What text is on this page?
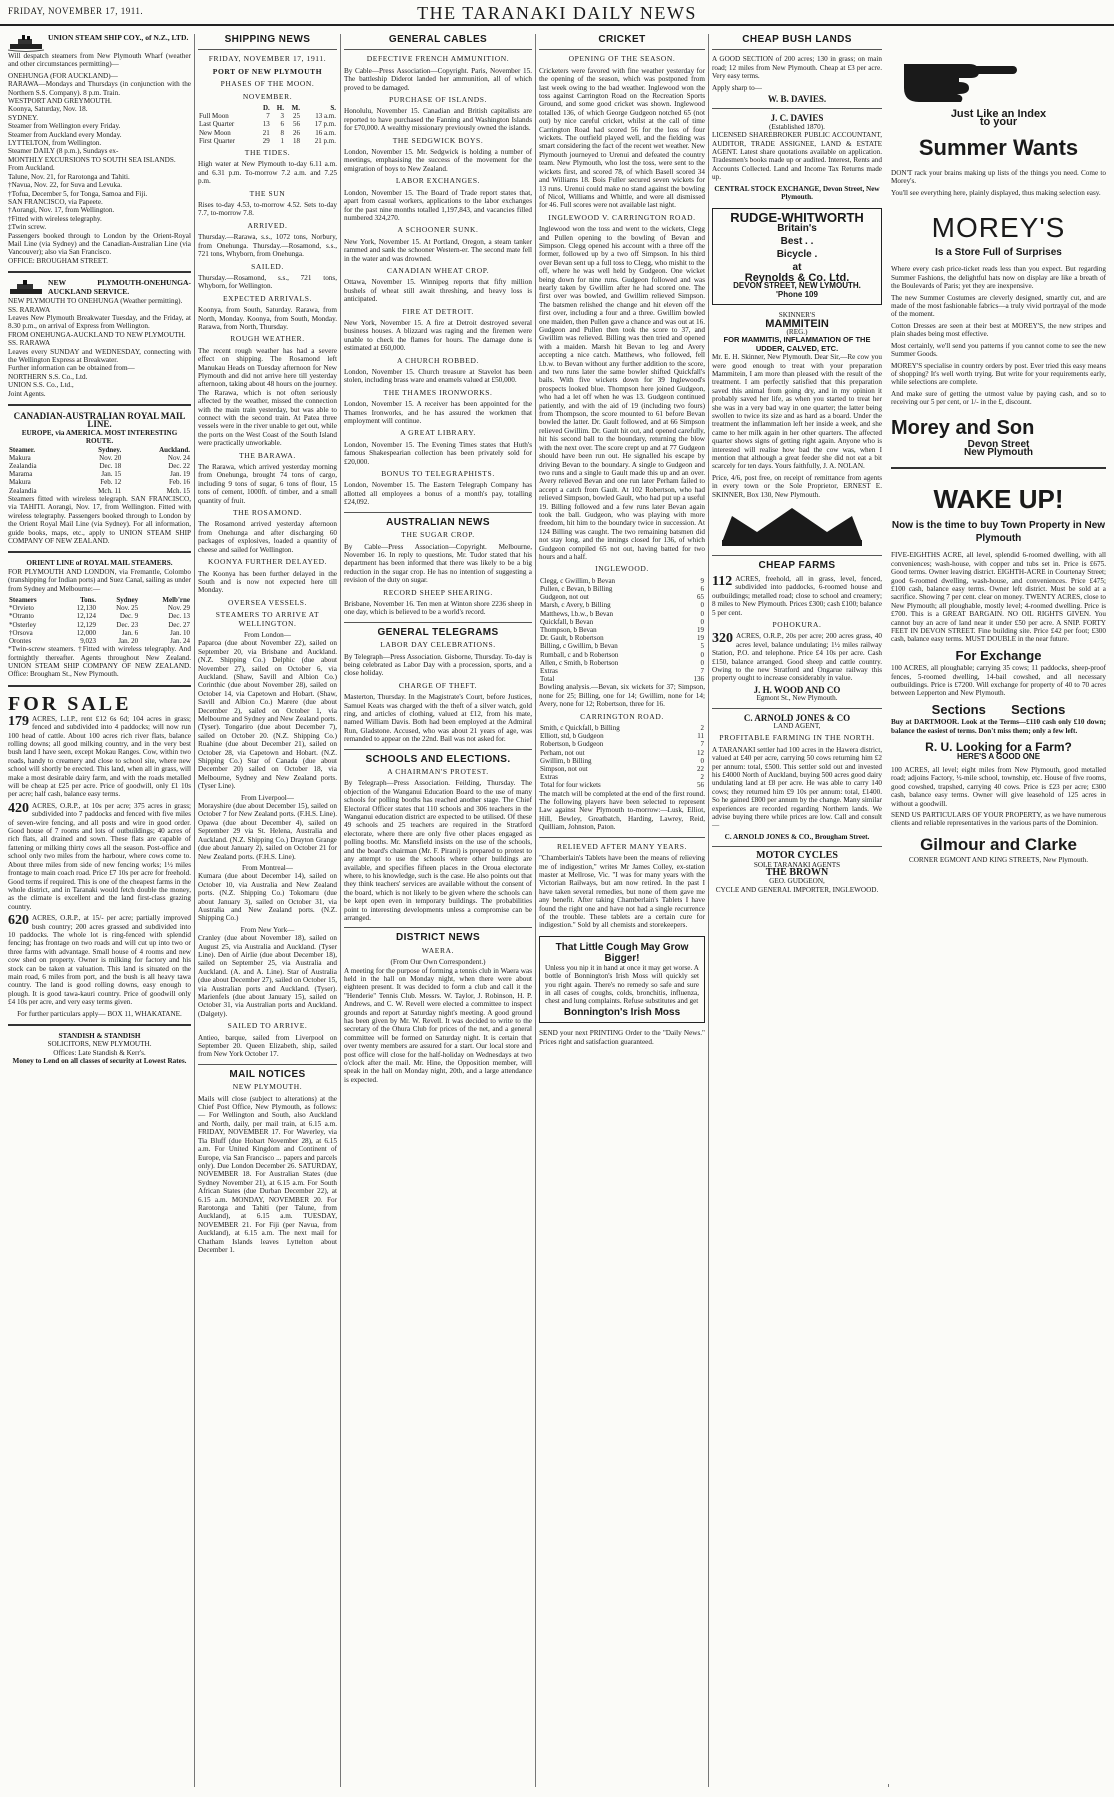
FRIDAY, NOVEMBER 17, 1911.	THE TARANAKI DAILY NEWS
UNION STEAM SHIP COY., of N.Z., LTD.

Will despatch steamers from New Plymouth Wharf (weather and other circumstances permitting)—

ONEHUNGA (FOR AUCKLAND)—
RARAWA—Mondays and Thursdays (in conjunction with the Northern S.S. Company). 8 p.m. Train.
WESTPORT AND GREYMOUTH.
Koonya, Saturday, Nov. 18.
SYDNEY.
Steamer from Wellington every Friday.
Steamer from Auckland every Monday.
LYTTELTON, from Wellington.
Steamer DAILY (8 p.m.), Sundays ex-
MONTHLY EXCURSIONS TO SOUTH SEA ISLANDS.
From Auckland.
Talune, Nov. 21, for Rarotonga and Tahiti.
†Navua, Nov. 22, for Suva and Levuka.
†Tofua, December 5, for Tonga, Samoa and Fiji.
SAN FRANCISCO, via Papeete.
†Aorangi, Nov. 17, from Wellington.
†Fitted with wireless telegraphy.
‡Twin screw.
Passengers booked through to London by the Orient-Royal Mail Line (via Sydney) and the Canadian-Australian Line (via Vancouver); also via San Francisco.
OFFICE: BROUGHAM STREET.
NEW PLYMOUTH-ONEHUNGA-AUCKLAND SERVICE.
NEW PLYMOUTH TO ONEHUNGA (Weather permitting).
SS. RARAWA
Leaves New Plymouth Breakwater Tuesday, and the Friday, at 8.30 p.m., on arrival of Express from Wellington.
FROM ONEHUNGA-AUCKLAND TO NEW PLYMOUTH.
SS. RARAWA
Leaves every SUNDAY and WEDNESDAY, connecting with the Wellington Express at Breakwater.
Further information can be obtained from—
NORTHERN S.S. Co., Ltd.
UNION S.S. Co., Ltd.,
Joint Agents.
CANADIAN-AUSTRALIAN ROYAL MAIL LINE.
EUROPE, via AMERICA. MOST INTERESTING ROUTE.
Steamer.	Sydney.	Auckland.
Makura	Nov. 20	Nov. 24
Zealandia	Dec. 18	Dec. 22
Marama	Jan. 15	Jan. 19
Makura	Feb. 12	Feb. 16
Zealandia	Mch. 11	Mch. 15

Steamers fitted with wireless telegraph. SAN FRANCISCO, via TAHITI. Aorangi, Nov. 17, from Wellington. Fitted with wireless telegraphy. Passengers booked through to London by the Orient Royal Mail Line (via Sydney). For all information, guide books, maps, etc., apply to UNION STEAM SHIP COMPANY OF NEW ZEALAND.

ORIENT LINE of ROYAL MAIL STEAMERS.

FOR PLYMOUTH AND LONDON, via Fremantle, Colombo (transhipping for Indian ports) and Suez Canal, sailing as under from Sydney and Melbourne:—

Steamers	Tons.	Sydney	Melb'rne
*Orvieto	12,130	Nov. 25	Nov. 29
*Otranto	12,124	Dec. 9	Dec. 13
*Osterley	12,129	Dec. 23	Dec. 27
†Orsova	12,000	Jan. 6	Jan. 10
Orontes	9,023	Jan. 20	Jan. 24

*Twin-screw steamers. †Fitted with wireless telegraphy. And fortnightly thereafter. Agents throughout New Zealand. UNION STEAM SHIP COMPANY OF NEW ZEALAND. Office: Brougham St., New Plymouth.

FOR SALE

179 ACRES, L.I.P., rent £12 6s 6d; 104 acres in grass; fenced and subdivided into 4 paddocks; will now run 100 head of cattle. About 100 acres rich river flats, balance rolling downs; all good milking country, and in the very best bush land I have seen, except Mokau Ranges. Cow, within two roads, handy to creamery and close to school site, where new school will shortly be erected. This land, when all in grass, will make a most desirable dairy farm, and with the roads metalled will be cheap at £25 per acre. Price of goodwill, only £1 10s per acre; half cash, balance easy terms.

420 ACRES, O.R.P., at 10s per acre; 375 acres in grass; subdivided into 7 paddocks and fenced with five miles of seven-wire fencing, and all posts and wire in good order. Good house of 7 rooms and lots of outbuildings; 40 acres of rich flats, all drained and sown. These flats are capable of fattening or milking thirty cows all the season. Post-office and school only two miles from the harbour, where cows come to. About three miles from side of new fencing works; 1½ miles frontage to main coach road. Price £7 10s per acre for freehold. Good terms if required. This is one of the cheapest farms in the whole district, and in Taranaki would fetch double the money, as the climate is excellent and the land first-class grazing country.

620 ACRES, O.R.P., at 15/- per acre; partially improved bush country; 200 acres grassed and subdivided into 10 paddocks. The whole lot is ring-fenced with splendid fencing; has frontage on two roads and will cut up into two or three farms with advantage. Small house of 4 rooms and new cow shed on property. Owner is milking for factory and his stock can be taken at valuation. This land is situated on the main road, 6 miles from port, and the bush is all heavy tawa country. The land is good rolling downs, easy enough to plough. It is good tawa-kauri country. Price of goodwill only £4 10s per acre, and very easy terms given.

For further particulars apply— BOX 11, WHAKATANE.

STANDISH & STANDISH
SOLICITORS, NEW PLYMOUTH.
Offices: Late Standish & Kerr's.
Money to Lend on all classes of security at Lowest Rates.
SHIPPING NEWS
FRIDAY, NOVEMBER 17, 1911.
PORT OF NEW PLYMOUTH
PHASES OF THE MOON.
NOVEMBER.
	D.	H.	M.	S.
Full Moon	7	3	25	13 a.m.
Last Quarter	13	6	56	17 p.m.
New Moon	21	8	26	16 a.m.
First Quarter	29	1	18	21 p.m.
THE TIDES.

High water at New Plymouth to-day 6.11 a.m. and 6.31 p.m. To-morrow 7.2 a.m. and 7.25 p.m.

THE SUN

Rises to-day 4.53, to-morrow 4.52. Sets to-day 7.7, to-morrow 7.8.

ARRIVED.

Thursday.—Rarawa, s.s., 1072 tons, Norbury, from Onehunga. Thursday.—Rosamond, s.s., 721 tons, Whyborn, from Onehunga.

SAILED.

Thursday.—Rosamond, s.s., 721 tons, Whyborn, for Wellington.

EXPECTED ARRIVALS.

Koonya, from South, Saturday. Rarawa, from North, Monday. Koonya, from South, Monday. Rarawa, from North, Thursday.

ROUGH WEATHER.

The recent rough weather has had a severe effect on shipping. The Rosamond left Manukau Heads on Tuesday afternoon for New Plymouth and did not arrive here till yesterday afternoon, taking about 48 hours on the journey. The Rarawa, which is not often seriously affected by the weather, missed the connection with the main train yesterday, but was able to connect with the second train. At Patea three vessels were in the river unable to get out, while the ports on the West Coast of the South Island were practically unworkable.

THE BARAWA.

The Rarawa, which arrived yesterday morning from Onehunga, brought 74 tons of cargo, including 9 tons of sugar, 6 tons of flour, 15 tons of cement, 1000ft. of timber, and a small quantity of fruit.

THE ROSAMOND.

The Rosamond arrived yesterday afternoon from Onehunga and after discharging 60 packages of explosives, loaded a quantity of cheese and sailed for Wellington.

KOONYA FURTHER DELAYED.

The Koonya has been further delayed in the South and is now not expected here till Monday.

OVERSEA VESSELS.
STEAMERS TO ARRIVE AT WELLINGTON.
From London—

Paparoa (due about November 22), sailed on September 20, via Brisbane and Auckland. (N.Z. Shipping Co.) Delphic (due about November 27), sailed on October 6, via Auckland. (Shaw, Savill and Albion Co.) Corinthic (due about November 28), sailed on October 14, via Capetown and Hobart. (Shaw, Savill and Albion Co.) Marere (due about December 2), sailed on October 1, via Melbourne and Sydney and New Zealand ports. (Tyser). Tongariro (due about December 7), sailed on October 20. (N.Z. Shipping Co.) Ruahine (due about December 21), sailed on October 28, via Capetown and Hobart. (N.Z. Shipping Co.) Star of Canada (due about December 20) sailed on October 18, via Melbourne, Sydney and New Zealand ports. (Tyser Line).

From Liverpool—

Morayshire (due about December 15), sailed on October 7 for New Zealand ports. (F.H.S. Line). Opawa (due about December 4), sailed on September 29 via St. Helena, Australia and Auckland. (N.Z. Shipping Co.) Drayton Grange (due about January 2), sailed on October 21 for New Zealand ports. (F.H.S. Line).

From Montreal—

Kumara (due about December 14), sailed on October 10, via Australia and New Zealand ports. (N.Z. Shipping Co.) Tokomaru (due about January 3), sailed on October 31, via Australia and New Zealand ports. (N.Z. Shipping Co.)

From New York—

Cranley (due about November 18), sailed on August 25, via Australia and Auckland. (Tyser Line). Den of Airlie (due about December 18), sailed on September 25, via Australia and Auckland. (A. and A. Line). Star of Australia (due about December 27), sailed on October 15, via Australian ports and Auckland. (Tyser). Marienfels (due about January 15), sailed on October 31, via Australian ports and Auckland. (Dalgety).

SAILED TO ARRIVE.

Antieo, barque, sailed from Liverpool on September 20. Queen Elizabeth, ship, sailed from New York October 17.

MAIL NOTICES
NEW PLYMOUTH.

Mails will close (subject to alterations) at the Chief Post Office, New Plymouth, as follows:— For Wellington and South, also Auckland and North, daily, per mail train, at 6.15 a.m. FRIDAY, NOVEMBER 17. For Waverley, via Tia Bluff (due Hobart November 28), at 6.15 a.m. For United Kingdom and Continent of Europe, via San Francisco ... papers and parcels only). Due London December 26. SATURDAY, NOVEMBER 18. For Australian States (due Sydney November 21), at 6.15 a.m. For South African States (due Durban December 22), at 6.15 a.m. MONDAY, NOVEMBER 20. For Rarotonga and Tahiti (per Talune, from Auckland), at 6.15 a.m. TUESDAY, NOVEMBER 21. For Fiji (per Navua, from Auckland), at 6.15 a.m. The next mail for Chatham Islands leaves Lyttelton about December 1.

GENERAL CABLES
DEFECTIVE FRENCH AMMUNITION.

By Cable—Press Association—Copyright. Paris, November 15. The battleship Diderot landed her ammunition, all of which proved to be damaged.

PURCHASE OF ISLANDS.

Honolulu, November 15. Canadian and British capitalists are reported to have purchased the Fanning and Washington Islands for £70,000. A wealthy missionary previously owned the islands.

THE SEDGWICK BOYS.

London, November 15. Mr. Sedgwick is holding a number of meetings, emphasising the success of the movement for the emigration of boys to New Zealand.

LABOR EXCHANGES.

London, November 15. The Board of Trade report states that, apart from casual workers, applications to the labor exchanges for the past nine months totalled 1,197,843, and vacancies filled numbered 324,270.

A SCHOONER SUNK.

New York, November 15. At Portland, Oregon, a steam tanker rammed and sank the schooner Western-er. The second mate fell in the water and was drowned.

CANADIAN WHEAT CROP.

Ottawa, November 15. Winnipeg reports that fifty million bushels of wheat still await threshing, and heavy loss is anticipated.

FIRE AT DETROIT.

New York, November 15. A fire at Detroit destroyed several business houses. A blizzard was raging and the firemen were unable to check the flames for hours. The damage done is estimated at £60,000.

A CHURCH ROBBED.

London, November 15. Church treasure at Stavelot has been stolen, including brass ware and enamels valued at £50,000.

THE THAMES IRONWORKS.

London, November 15. A receiver has been appointed for the Thames Ironworks, and he has assured the workmen that employment will continue.

A GREAT LIBRARY.

London, November 15. The Evening Times states that Huth's famous Shakespearian collection has been privately sold for £20,000.

BONUS TO TELEGRAPHISTS.

London, November 15. The Eastern Telegraph Company has allotted all employees a bonus of a month's pay, totalling £24,092.

AUSTRALIAN NEWS
THE SUGAR CROP.

By Cable—Press Association—Copyright. Melbourne, November 16. In reply to questions, Mr. Tudor stated that his department has been informed that there was likely to be a big reduction in the sugar crop. He has no intention of suggesting a revision of the duty on sugar.

RECORD SHEEP SHEARING.

Brisbane, November 16. Ten men at Winton shore 2236 sheep in one day, which is believed to be a world's record.

GENERAL TELEGRAMS
LABOR DAY CELEBRATIONS.

By Telegraph—Press Association. Gisborne, Thursday. To-day is being celebrated as Labor Day with a procession, sports, and a close holiday.

CHARGE OF THEFT.

Masterton, Thursday. In the Magistrate's Court, before Justices, Samuel Keats was charged with the theft of a silver watch, gold ring, and articles of clothing, valued at £12, from his mate, named William Davis. Both had been employed at the Admiral Run, Gladstone. Accused, who was about 21 years of age, was remanded to appear on the 22nd. Bail was not asked for.

SCHOOLS AND ELECTIONS.
A CHAIRMAN'S PROTEST.

By Telegraph—Press Association. Feilding, Thursday. The objection of the Wanganui Education Board to the use of many schools for polling booths has reached another stage. The Chief Electoral Officer states that 110 schools and 306 teachers in the Wanganui education district are expected to be utilised. Of these 49 schools and 25 teachers are required in the Stratford electorate, where there are only five other places engaged as polling booths. Mr. Mansfield insists on the use of the schools, and the board's chairman (Mr. F. Pirani) is prepared to protest to any attempt to use the schools where other buildings are available, and specifies fifteen places in the Oroua electorate where, to his knowledge, such is the case. He also points out that they think teachers' services are available without the consent of the board, which is not likely to be given where the schools can be kept open even in temporary buildings. The probabilities point to interesting developments unless a compromise can be arranged.

DISTRICT NEWS
WAERA.
(From Our Own Correspondent.)

A meeting for the purpose of forming a tennis club in Waera was held in the hall on Monday night, when there were about eighteen present. It was decided to form a club and call it the "Henderie" Tennis Club. Messrs. W. Taylor, J. Robinson, H. P. Andrews, and C. W. Revell were elected a committee to inspect grounds and report at Saturday night's meeting. A good ground has been given by Mr. W. Revell. It was decided to write to the secretary of the Ohura Club for prices of the net, and a general committee will be formed on Saturday night. It is certain that over twenty members are assured for a start. Our local store and post office will close for the half-holiday on Wednesdays at two o'clock after the mail. Mr. Hine, the Opposition member, will speak in the hall on Monday night, 20th, and a large attendance is expected.

CRICKET
OPENING OF THE SEASON.

Cricketers were favored with fine weather yesterday for the opening of the season, which was postponed from last week owing to the bad weather. Inglewood won the toss against Carrington Road on the Recreation Sports Ground, and some good cricket was shown. Inglewood totalled 136, of which George Gudgeon notched 65 (not out) by nice careful cricket, whilst at the call of time Carrington Road had scored 56 for the loss of four wickets. The outfield played well, and the fielding was smart considering the fact of the recent wet weather. New Plymouth journeyed to Urenui and defeated the country team. New Plymouth, who lost the toss, were sent to the wickets first, and scored 78, of which Basell scored 34 and Williams 18. Bois Fuller secured seven wickets for 13 runs. Urenui could make no stand against the bowling of Nicol, Williams and Whittle, and were all dismissed for 46. Full scores were not available last night.

INGLEWOOD V. CARRINGTON ROAD.

Inglewood won the toss and went to the wickets, Clegg and Pullen opening to the bowling of Bevan and Simpson. Clegg opened his account with a three off the former, followed up by a two off Simpson. In his third over Bevan sent up a full toss to Clegg, who mishit to the off, where he was well held by Gudgeon. One wicket being down for nine runs. Gudgeon followed and was nearly taken by Gwillim after he had scored one. The first over was bowled, and Gwillim relieved Simpson. The batsmen relished the change and hit eleven off the first over, including a four and a three. Gwillim bowled one maiden, then Pullen gave a chance and was out at 16. Gudgeon and Pullen then took the score to 37, and Gwillim was relieved. Billing was then tried and opened with a maiden. Marsh hit Bevan to leg and Avery accepting a nice catch. Matthews, who followed, fell l.b.w. to Bevan without any further addition to the score, and two runs later the same bowler shifted Quickfall's bails. With five wickets down for 39 Inglewood's prospects looked blue. Thompson here joined Gudgeon, who had a let off when he was 13. Gudgeon continued patiently, and with the aid of 19 (including two fours) from Thompson, the score mounted to 61 before Bevan bowled the latter. Dr. Gault followed, and at 66 Simpson relieved Gwillim. Dr. Gault hit out, and opened carefully, hit his second ball to the boundary, returning the blow with the next over. The score crept up and at 77 Gudgeon should have been run out. He signalled his escape by driving Bevan to the boundary. A single to Gudgeon and two runs and a single to Gault made this up and an over. Avery relieved Bevan and one run later Perham failed to accept a catch from Gault. At 102 Robertson, who had relieved Simpson, bowled Gault, who had put up a useful 19. Billing followed and a few runs later Bevan again took the ball. Gudgeon, who was playing with more freedom, hit him to the boundary twice in succession. At 124 Billing was caught. The two remaining batsmen did not stay long, and the innings closed for 136, of which Gudgeon compiled 65 not out, having batted for two hours and a half.

INGLEWOOD.
Clegg, c Gwillim, b Bevan	9
Pullen, c Bevan, b Billing	6
Gudgeon, not out	65
Marsh, c Avery, b Billing	0
Matthews, l.b.w., b Bevan	0
Quickfall, b Bevan	0
Thompson, b Bevan	19
Dr. Gault, b Robertson	19
Billing, c Gwillim, b Bevan	5
Rumball, c and b Robertson	0
Allen, c Smith, b Robertson	0
Extras	7
Total	136

Bowling analysis.—Bevan, six wickets for 37; Simpson, none for 25; Billing, one for 14; Gwillim, none for 14; Avery, none for 12; Robertson, three for 16.

CARRINGTON ROAD.
Smith, c Quickfall, b Billing	2
Elliott, std, b Gudgeon	11
Robertson, b Gudgeon	7
Perham, not out	12
Gwillim, b Billing	0
Simpson, not out	22
Extras	2
Total for four wickets	56

The match will be completed at the end of the first round. The following players have been selected to represent Law against New Plymouth to-morrow:—Lusk, Elliot, Hill, Bewley, Greatbatch, Harding, Lawrey, Reid, Quilliam, Johnston, Paton.

RELIEVED AFTER MANY YEARS.

"Chamberlain's Tablets have been the means of relieving me of indigestion," writes Mr James Colley, ex-station master at Mellrose, Vic. "I was for many years with the Victorian Railways, but am now retired. In the past I have taken several remedies, but none of them gave me any benefit. After taking Chamberlain's Tablets I have found the right one and have not had a single recurrence of the trouble. These tablets are a certain cure for indigestion." Sold by all chemists and storekeepers.

That Little Cough May Grow Bigger!

Unless you nip it in hand at once it may get worse. A bottle of Bonnington's Irish Moss will quickly set you right again. There's no remedy so safe and sure in all cases of coughs, colds, bronchitis, influenza, chest and lung complaints. Refuse substitutes and get

Bonnington's Irish Moss

SEND your next PRINTING Order to the "Daily News." Prices right and satisfaction guaranteed.

CHEAP BUSH LANDS

A GOOD SECTION of 200 acres; 130 in grass; on main road; 12 miles from New Plymouth. Cheap at £3 per acre. Very easy terms.

Apply sharp to—

W. B. DAVIES.
J. C. DAVIES
(Established 1870).

LICENSED SHAREBROKER PUBLIC ACCOUNTANT, AUDITOR, TRADE ASSIGNEE, LAND & ESTATE AGENT. Latest share quotations available on application. Tradesmen's books made up or audited. Interest, Rents and Accounts Collected. Land and Income Tax Returns made up.

CENTRAL STOCK EXCHANGE, Devon Street, New Plymouth.
RUDGE-WHITWORTH
Britain's
Best . .
Bicycle .
at
Reynolds & Co. Ltd.
DEVON STREET, NEW LYMOUTH.
'Phone 109
SKINNER'S
MAMMITEIN
(REG.)
FOR MAMMITIS, INFLAMMATION OF THE UDDER, CALVED, ETC.

Mr. E. H. Skinner, New Plymouth. Dear Sir,—Re cow you were good enough to treat with your preparation Mammitein, I am more than pleased with the result of the treatment. I am perfectly satisfied that this preparation saved this animal from going dry, and in my opinion it probably saved her life, as when you started to treat her she was in a very bad way in one quarter; the latter being swollen to twice its size and as hard as a board. Under the treatment the inflammation left her inside a week, and she came to her milk again in her other quarters. The affected quarter shows signs of getting right again. Anyone who is interested will realise how bad the cow was, when I mention that although a great feeder she did not eat a bit scarcely for ten days. Yours faithfully, J. A. NOLAN.

Price, 4/6, post free, on receipt of remittance from agents in every town or the Sole Proprietor, ERNEST E. SKINNER, Box 130, New Plymouth.

CHEAP FARMS

112 ACRES, freehold, all in grass, level, fenced, subdivided into paddocks, 6-roomed house and outbuildings; metalled road; close to school and creamery; 8 miles to New Plymouth. Prices £300; cash £100; balance 5 per cent.

POHOKURA.

320 ACRES, O.R.P., 20s per acre; 200 acres grass, 40 acres level, balance undulating; 1½ miles railway Station, P.O. and telephone. Price £4 10s per acre. Cash £150, balance arranged. Good sheep and cattle country. Owing to the new Stratford and Ongarue railway this property ought to increase considerably in value.

J. H. WOOD AND CO
Egmont St., New Plymouth.
C. ARNOLD JONES & CO
LAND AGENT,
PROFITABLE FARMING IN THE NORTH.

A TARANAKI settler had 100 acres in the Hawera district, valued at £40 per acre, carrying 50 cows returning him £2 per annum: total, £500. This settler sold out and invested his £4000 North of Auckland, buying 500 acres good dairy undulating land at £8 per acre. He was able to carry 140 cows; they returned him £9 10s per annum: total, £1400. So he gained £800 per annum by the change. Many similar experiences are recorded regarding Northern lands. We advise buying there while prices are low. Call and consult—

C. ARNOLD JONES & CO., Brougham Street.
MOTOR CYCLES
SOLE TARANAKI AGENTS
THE BROWN
GEO. GUDGEON,
CYCLE AND GENERAL IMPORTER, INGLEWOOD.
Just Like an Index
to your
Summer Wants

DON'T rack your brains making up lists of the things you need. Come to Morey's.

You'll see everything here, plainly displayed, thus making selection easy.

MOREY'S
Is a Store Full of Surprises

Where every cash price-ticket reads less than you expect. But regarding Summer Fashions, the delightful hats now on display are like a breath of the Boulevards of Paris; yet they are inexpensive.

The new Summer Costumes are cleverly designed, smartly cut, and are made of the most fashionable fabrics—a truly vivid portrayal of the mode of the moment.

Cotton Dresses are seen at their best at MOREY'S, the new stripes and plain shades being most effective.

Most certainly, we'll send you patterns if you cannot come to see the new Summer Goods.

MOREY'S specialise in country orders by post. Ever tried this easy means of shopping? It's well worth trying. But write for your requirements early, while selections are complete.

And make sure of getting the utmost value by paying cash, and so to receiving our 5 per cent, or 1/- in the £, discount.

Morey and Son
Devon Street
New Plymouth
WAKE UP!
Now is the time to buy Town Property in New Plymouth

FIVE-EIGHTHS ACRE, all level, splendid 6-roomed dwelling, with all conveniences; wash-house, with copper and tubs set in. Price is £675. Good terms. Owner leaving district. EIGHTH-ACRE in Courtenay Street; good 6-roomed dwelling, wash-house, and conveniences. Price £475; £100 cash, balance easy terms. Owner left district. Must be sold at a sacrifice. Showing 7 per cent. clear on money. TWENTY ACRES, close to New Plymouth; all ploughable, mostly level; 4-roomed dwelling. Price is £700. This is a GREAT BARGAIN. NO OIL RIGHTS GIVEN. You cannot buy an acre of land near it under £50 per acre. A SNIP. FORTY FEET IN DEVON STREET. Fine building site. Price £42 per foot; £300 cash, balance easy terms. MUST DOUBLE in the near future.

For Exchange

100 ACRES, all ploughable; carrying 35 cows; 11 paddocks, sheep-proof fences, 5-roomed dwelling, 14-bail cowshed, and all necessary outbuildings. Price is £7200. Will exchange for property of 40 to 70 acres between Lepperton and New Plymouth.

Sections       Sections

Buy at DARTMOOR. Look at the Terms—£110 cash only £10 down; balance the easiest of terms. Don't miss them; only a few left.

R. U. Looking for a Farm?
HERE'S A GOOD ONE

100 ACRES, all level; eight miles from New Plymouth, good metalled road; adjoins Factory, ½-mile school, township, etc. House of five rooms, good cowshed, trapshed, carrying 40 cows. Price is £23 per acre; £300 cash, balance easy terms. Owner will give leasehold of 125 acres in without a goodwill.

SEND US PARTICULARS OF YOUR PROPERTY, as we have numerous clients and reliable representatives in the various parts of the Dominion.

Gilmour and Clarke
CORNER EGMONT AND KING STREETS, New Plymouth.
